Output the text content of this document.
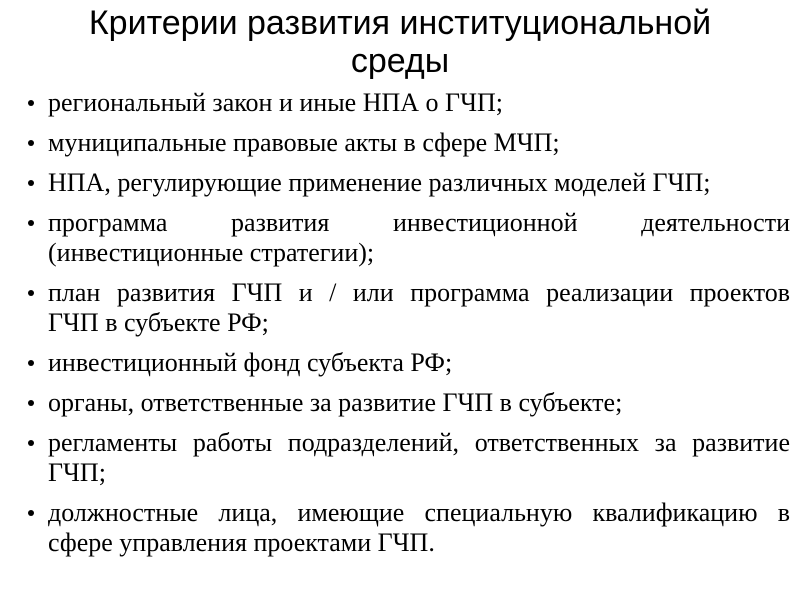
Критерии развития институциональной среды
региональный закон и иные НПА о ГЧП;
муниципальные правовые акты в сфере МЧП;
НПА, регулирующие применение различных моделей ГЧП;
программа развития инвестиционной деятельности
(инвестиционные стратегии);
план развития ГЧП и / или программа реализации проектов
ГЧП в субъекте РФ;
инвестиционный фонд субъекта РФ;
органы, ответственные за развитие ГЧП в субъекте;
регламенты работы подразделений, ответственных за развитие
ГЧП;
должностные лица, имеющие специальную квалификацию в
сфере управления проектами ГЧП.
